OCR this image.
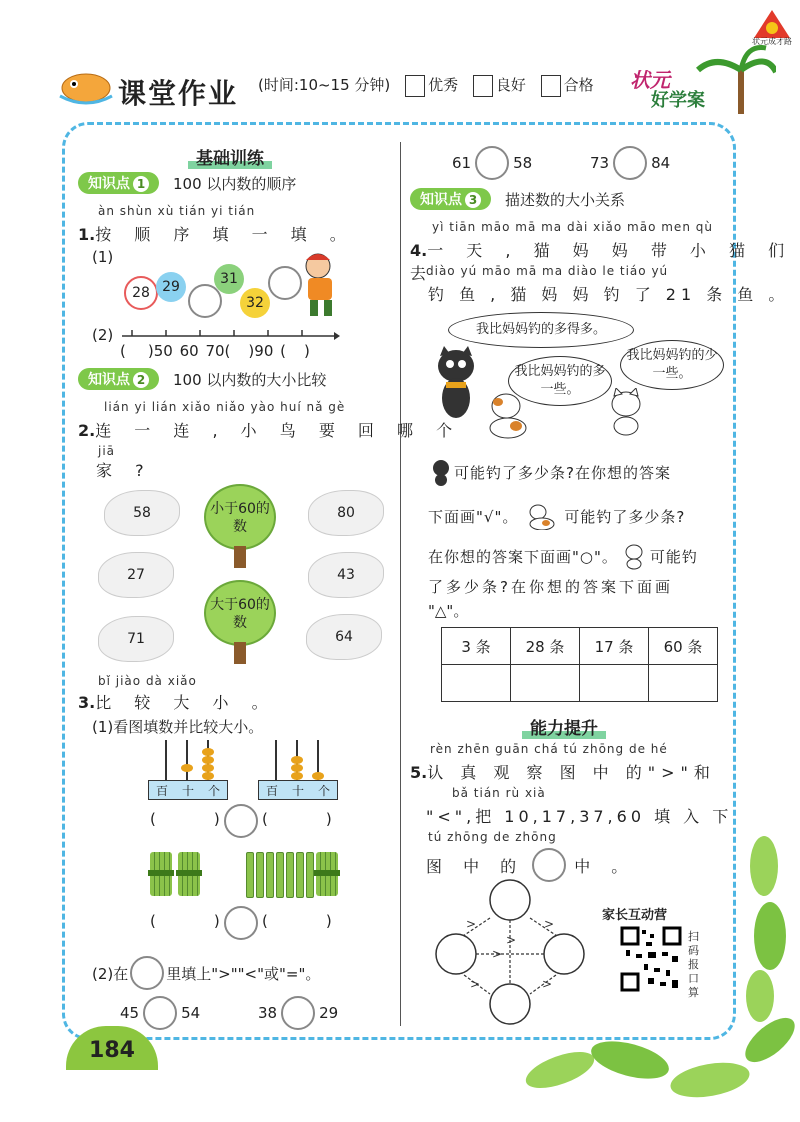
状元成才路
课堂作业 (时间:10~15 分钟)	优秀	良好	合格 状元
好学案
基础训练
知识点 1	100 以内数的顺序
àn shùn xù tián yi tián
1.按 顺 序 填 一 填 。
(1)
28 29	31
32
(2)
( )50 60 70( )90 ( )
知识点 2	100 以内数的大小比较
lián yi lián xiǎo niǎo yào huí nǎ gè
2.连 一 连 , 小 鸟 要 回 哪 个
jiā
家 ?
58
27
71
80
43
64
小于60的数
大于60的数
bǐ jiào dà xiǎo
3.比 较 大 小 。
(1)看图填数并比较大小。
百 十 个	百 十 个
(	)	(	)
(	)	(	)
(2)在	里填上">""<"或"="。
45	54	38	29
61	58	73	84
知识点 3	描述数的大小关系
yì tiān māo mā ma dài xiǎo māo men qù
4.一 天 , 猫 妈 妈 带 小 猫 们 去
diào yú māo mā ma diào le tiáo yú
钓 鱼 , 猫 妈 妈 钓 了 21 条 鱼 。
我比妈妈钓的多得多。
我比妈妈钓的多一些。
我比妈妈钓的少一些。
可能钓了多少条?在你想的答案
下面画"√"。	可能钓了多少条?
在你想的答案下面画"○"。 可能钓
了多少条?在你想的答案下面画
"△"。
3 条	28 条	17 条	60 条

能力提升
rèn zhēn guān chá tú zhōng de hé
5.认 真 观 察 图 中 的">"和
bǎ tián rù xià
"<",把 10,17,37,60 填 入 下
tú zhōng de zhōng
图 中 的	中 。
>	>
>
>	>
>
家长互动营
扫码报口算
184
